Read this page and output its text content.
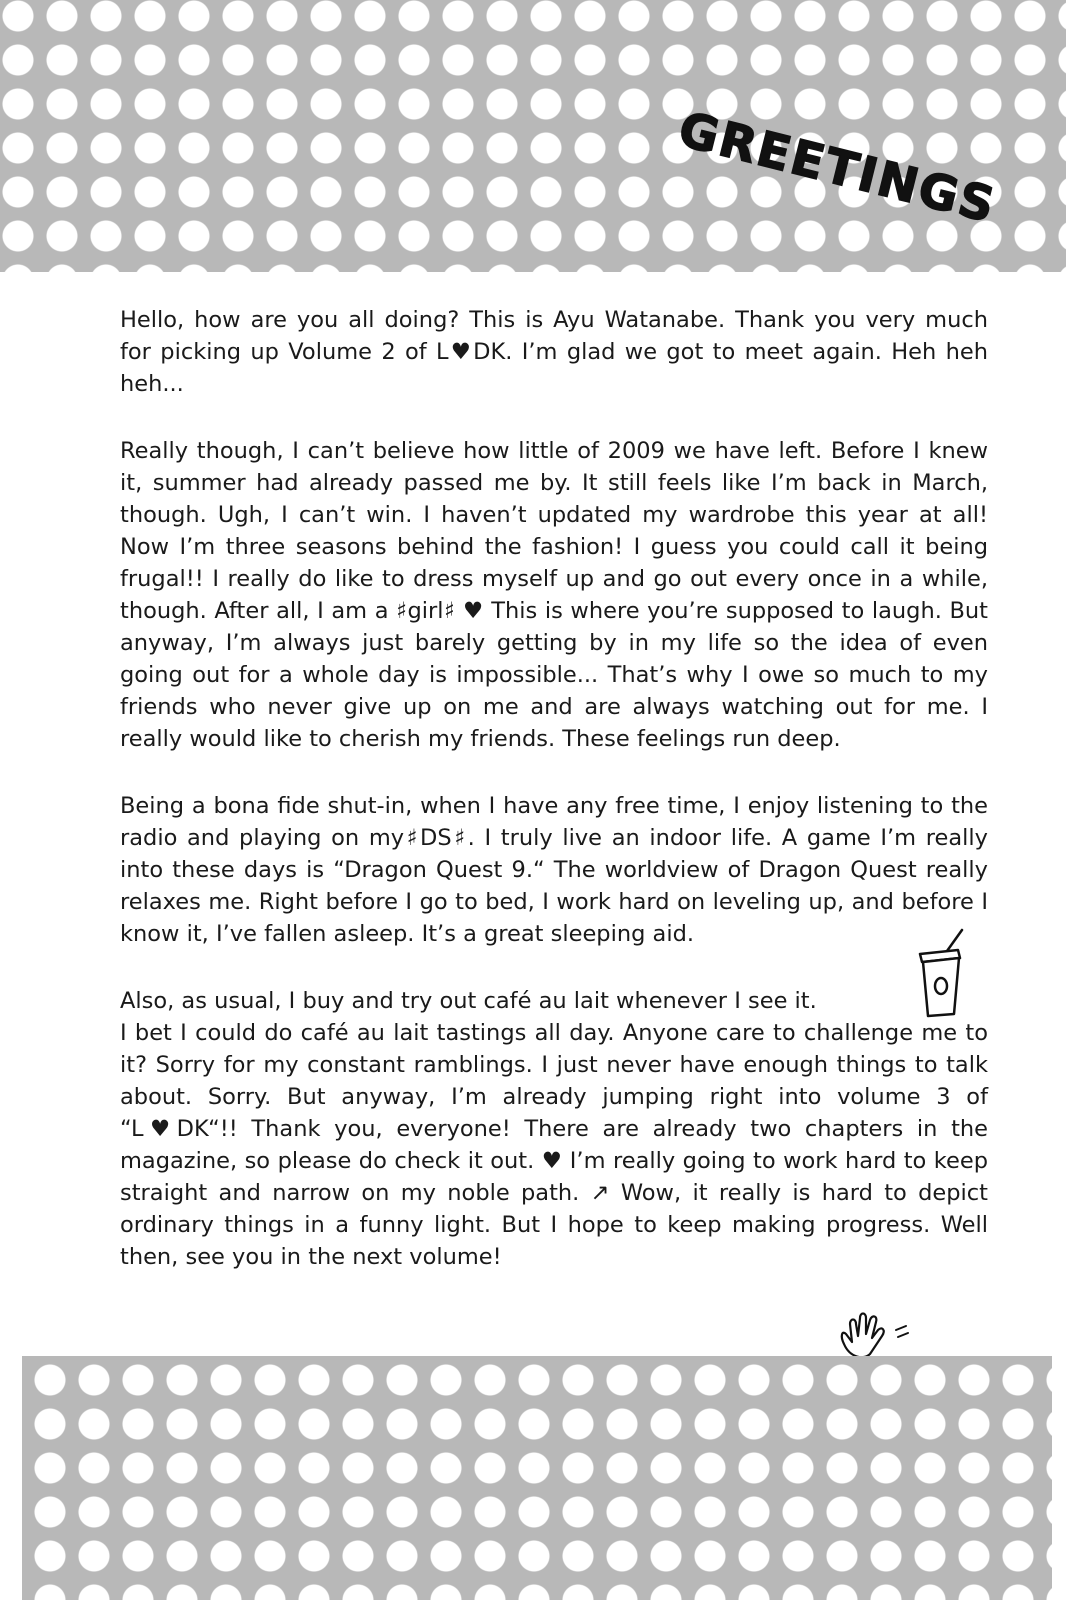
GREETINGS

Hello, how are you all doing? This is Ayu Watanabe. Thank you very much for picking up Volume 2 of L♥DK. I’m glad we got to meet again. Heh heh heh...

Really though, I can’t believe how little of 2009 we have left. Before I knew it, summer had already passed me by. It still feels like I’m back in March, though. Ugh, I can’t win. I haven’t updated my wardrobe this year at all! Now I’m three seasons behind the fashion! I guess you could call it being frugal!! I really do like to dress myself up and go out every once in a while, though. After all, I am a ♯girl♯ ♥ This is where you’re supposed to laugh. But anyway, I’m always just barely getting by in my life so the idea of even going out for a whole day is impossible... That’s why I owe so much to my friends who never give up on me and are always watching out for me. I really would like to cherish my friends. These feelings run deep.

Being a bona fide shut-in, when I have any free time, I enjoy listening to the radio and playing on my♯DS♯. I truly live an indoor life. A game I’m really into these days is “Dragon Quest 9.“ The worldview of Dragon Quest really relaxes me. Right before I go to bed, I work hard on leveling up, and before I know it, I’ve fallen asleep. It’s a great sleeping aid.

Also, as usual, I buy and try out café au lait whenever I see it.

I bet I could do café au lait tastings all day. Anyone care to challenge me to it? Sorry for my constant ramblings. I just never have enough things to talk about. Sorry. But anyway, I’m already jumping right into volume 3 of “L♥DK“!! Thank you, everyone! There are already two chapters in the magazine, so please do check it out. ♥ I’m really going to work hard to keep straight and narrow on my noble path. ↗ Wow, it really is hard to depict ordinary things in a funny light. But I hope to keep making progress. Well then, see you in the next volume!
